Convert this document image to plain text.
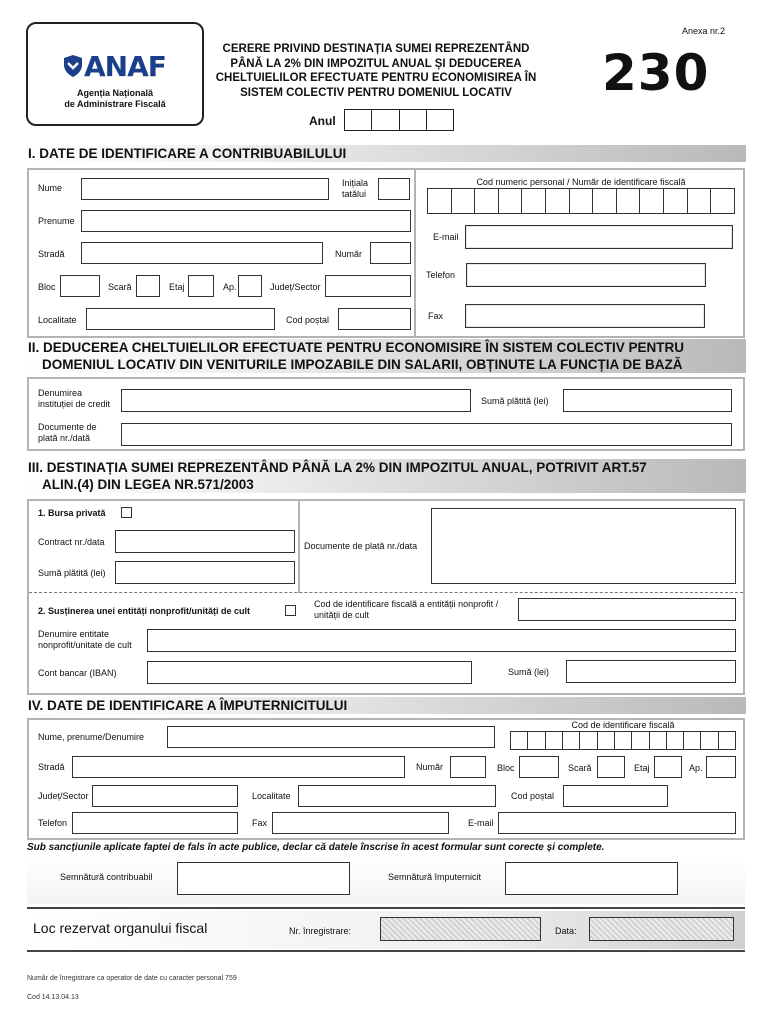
ANAF
Agenția Națională
de Administrare Fiscală
CERERE PRIVIND DESTINAȚIA SUMEI REPREZENTÂND
PÂNĂ LA 2% DIN IMPOZITUL ANUAL ȘI DEDUCEREA
CHELTUIELILOR EFECTUATE PENTRU ECONOMISIREA ÎN
SISTEM COLECTIV PENTRU DOMENIUL LOCATIV
Anul
Anexa nr.2
230
I. DATE DE IDENTIFICARE A CONTRIBUABILULUI
Nume	Inițiala
tatălui
Prenume
Stradă	Număr
Bloc	Scară	Etaj	Ap.	Județ/Sector
Localitate	Cod poștal
Cod numeric personal / Număr de identificare fiscală
E-mail
Telefon
Fax
II. DEDUCEREA CHELTUIELILOR EFECTUATE PENTRU ECONOMISIRE ÎN SISTEM COLECTIV PENTRU
DOMENIUL LOCATIV DIN VENITURILE IMPOZABILE DIN SALARII, OBȚINUTE LA FUNCȚIA DE BAZĂ
Denumirea
instituției de credit	Sumă plătită (lei)
Documente de
plată nr./dată
III. DESTINAȚIA SUMEI REPREZENTÂND PÂNĂ LA 2% DIN IMPOZITUL ANUAL, POTRIVIT ART.57
ALIN.(4) DIN LEGEA NR.571/2003
1. Bursa privată
Contract nr./data
Sumă plătită (lei)
Documente de plată nr./data
2. Susținerea unei entități nonprofit/unități de cult
Cod de identificare fiscală a entității nonprofit /
unității de cult
Denumire entitate
nonprofit/unitate de cult
Cont bancar (IBAN)	Sumă (lei)
IV. DATE DE IDENTIFICARE A ÎMPUTERNICITULUI
Cod de identificare fiscală
Nume, prenume/Denumire
Stradă	Număr	Bloc	Scară	Etaj	Ap.
Județ/Sector	Localitate	Cod poștal
Telefon	Fax	E-mail
Sub sancțiunile aplicate faptei de fals în acte publice, declar că datele înscrise în acest formular sunt corecte și complete.
Semnătură contribuabil	Semnătură împuternicit
Loc rezervat organului fiscal	Nr. înregistrare:	Data:
Număr de înregistrare ca operator de date cu caracter personal 759
Cod 14.13.04.13
